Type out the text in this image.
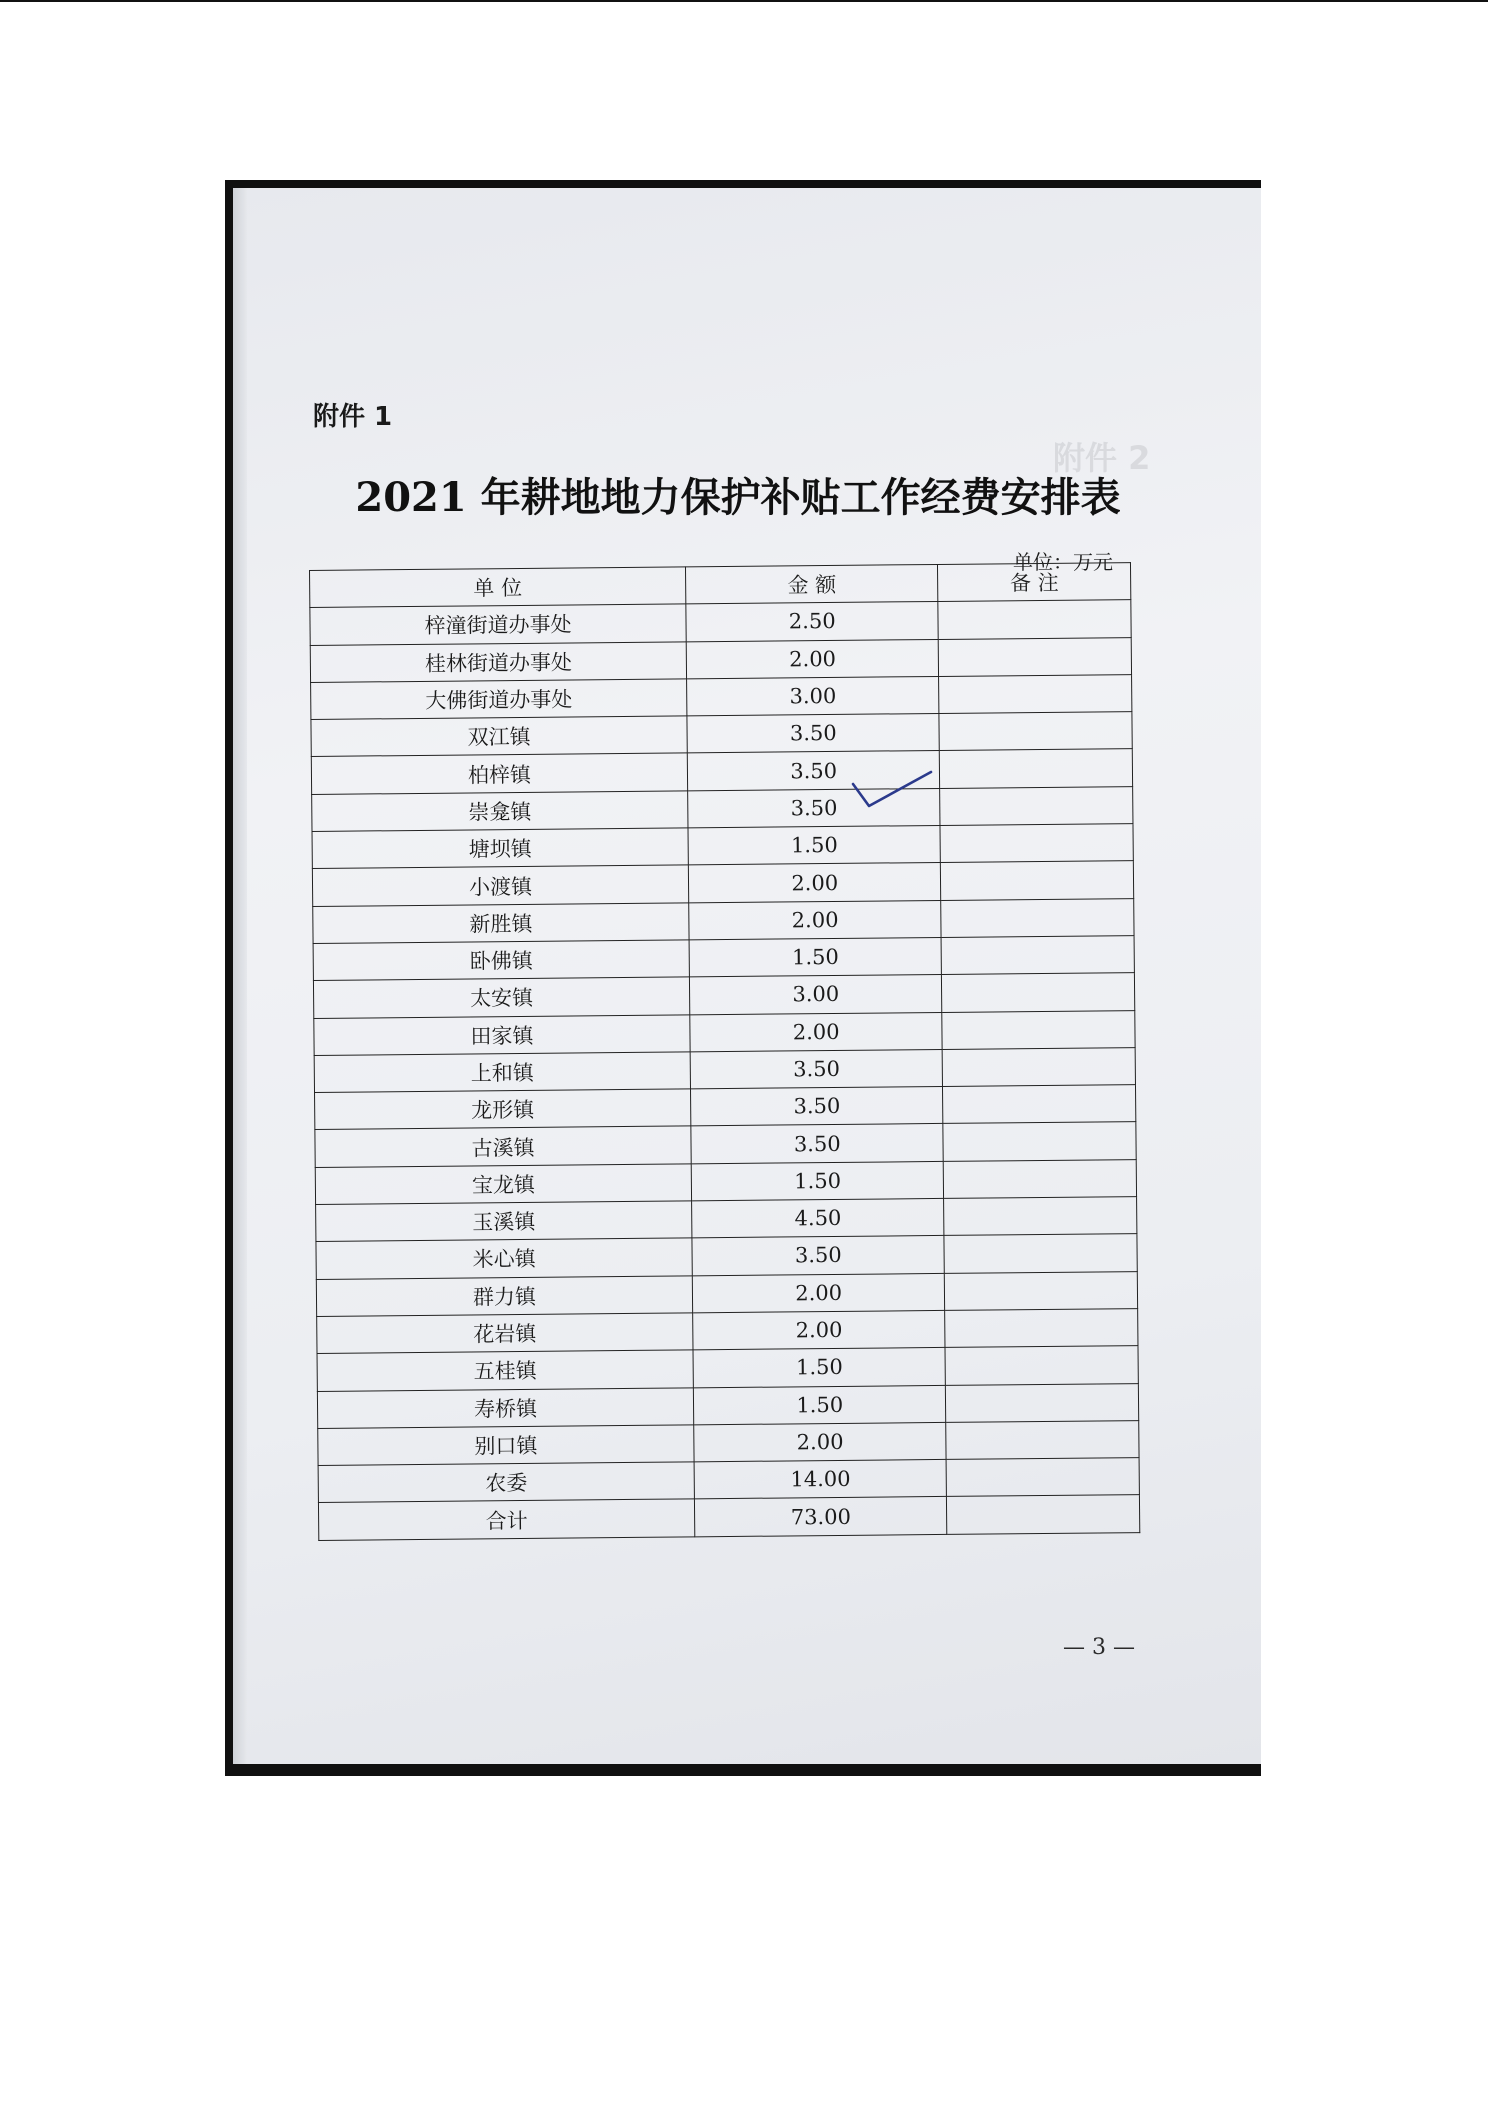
附件 2
附件 1
2021 年耕地地力保护补贴工作经费安排表
单位：万元
单 位	金 额	备 注
梓潼街道办事处	2.50	
桂林街道办事处	2.00	
大佛街道办事处	3.00	
双江镇	3.50	
柏梓镇	3.50	
崇龛镇	3.50	
塘坝镇	1.50	
小渡镇	2.00	
新胜镇	2.00	
卧佛镇	1.50	
太安镇	3.00	
田家镇	2.00	
上和镇	3.50	
龙形镇	3.50	
古溪镇	3.50	
宝龙镇	1.50	
玉溪镇	4.50	
米心镇	3.50	
群力镇	2.00	
花岩镇	2.00	
五桂镇	1.50	
寿桥镇	1.50	
别口镇	2.00	
农委	14.00	
合计	73.00	
— 3 —
